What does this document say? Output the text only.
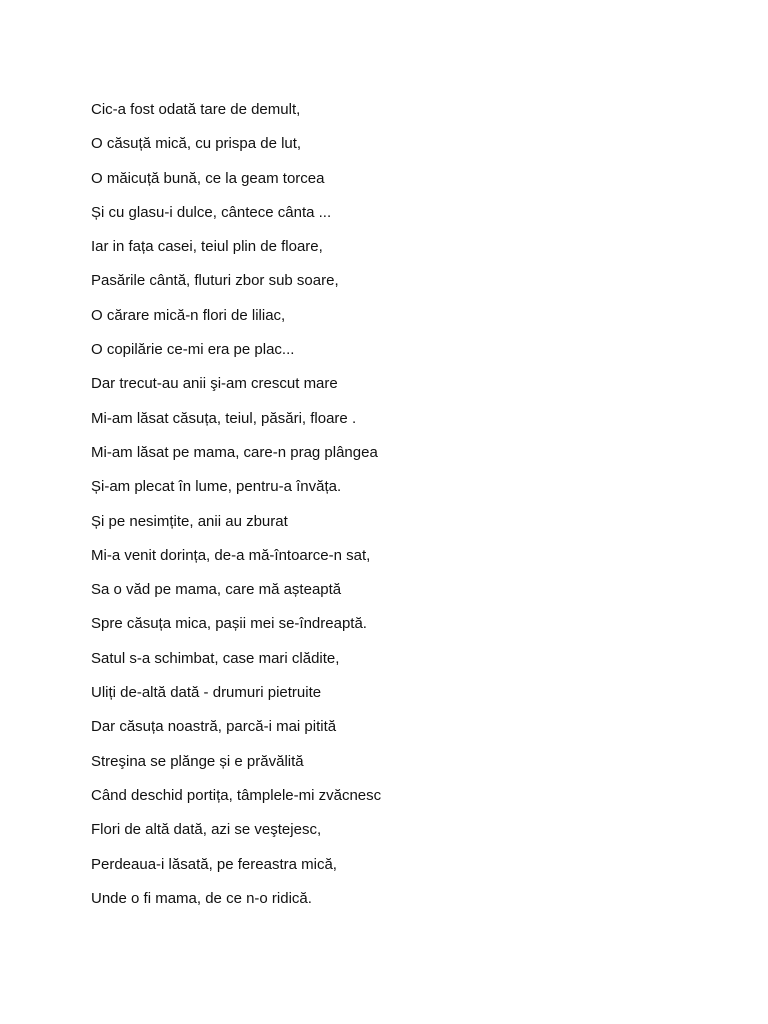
Cic-a fost odată tare de demult,
O căsuță mică, cu prispa de lut,
O măicuță bună, ce la geam torcea
Și cu glasu-i dulce, cântece cânta ...
Iar in fața casei, teiul plin de floare,
Pasările cântă, fluturi zbor sub soare,
O cărare mică-n flori de liliac,
O copilărie ce-mi era pe plac...
Dar trecut-au anii şi-am crescut mare
Mi-am lăsat căsuța, teiul, păsări, floare .
Mi-am lăsat pe mama, care-n prag plângea
Și-am plecat în lume, pentru-a învăța.
Și pe nesimțite, anii au zburat
Mi-a venit dorința, de-a mă-întoarce-n sat,
Sa o văd pe mama, care mă așteaptă
Spre căsuța mica, pașii mei se-îndreaptă.
Satul s-a schimbat, case mari clădite,
Uliți de-altă dată - drumuri pietruite
Dar căsuța noastră, parcă-i mai pitită
Streşina se plănge și e prăvălită
Când deschid portița, tâmplele-mi zvăcnesc
Flori de altă dată, azi se veştejesc,
Perdeaua-i lăsată, pe fereastra mică,
Unde o fi mama, de ce n-o ridică.
